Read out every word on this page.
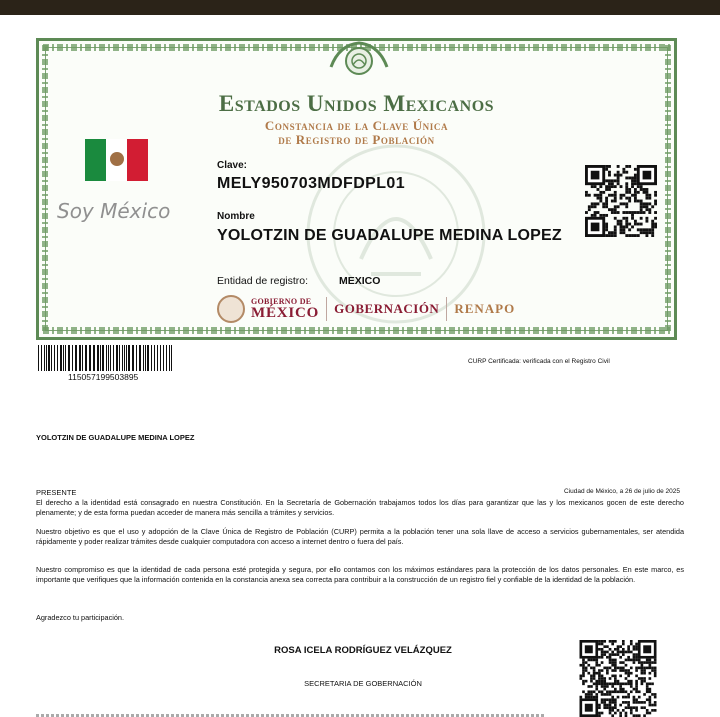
Estados Unidos Mexicanos
Constancia de la Clave Única
de Registro de Población
Soy México
Clave:
MELY950703MDFDPL01
Nombre
YOLOTZIN DE GUADALUPE MEDINA LOPEZ
Entidad de registro:	MEXICO
GOBIERNO DE
MÉXICO GOBERNACIÓN RENAPO
115057199503895
CURP Certificada: verificada con el Registro Civil
YOLOTZIN DE GUADALUPE MEDINA LOPEZ
PRESENTE	Ciudad de México, a 26 de julio de 2025
El derecho a la identidad está consagrado en nuestra Constitución. En la Secretaría de Gobernación trabajamos todos los días para garantizar que las y los mexicanos gocen de este derecho plenamente; y de esta forma puedan acceder de manera más sencilla a trámites y servicios.
Nuestro objetivo es que el uso y adopción de la Clave Única de Registro de Población (CURP) permita a la población tener una sola llave de acceso a servicios gubernamentales, ser atendida rápidamente y poder realizar trámites desde cualquier computadora con acceso a internet dentro o fuera del país.
Nuestro compromiso es que la identidad de cada persona esté protegida y segura, por ello contamos con los máximos estándares para la protección de los datos personales. En este marco, es importante que verifiques que la información contenida en la constancia anexa sea correcta para contribuir a la construcción de un registro fiel y confiable de la identidad de la población.
Agradezco tu participación.
ROSA ICELA RODRÍGUEZ VELÁZQUEZ
SECRETARIA DE GOBERNACIÓN
